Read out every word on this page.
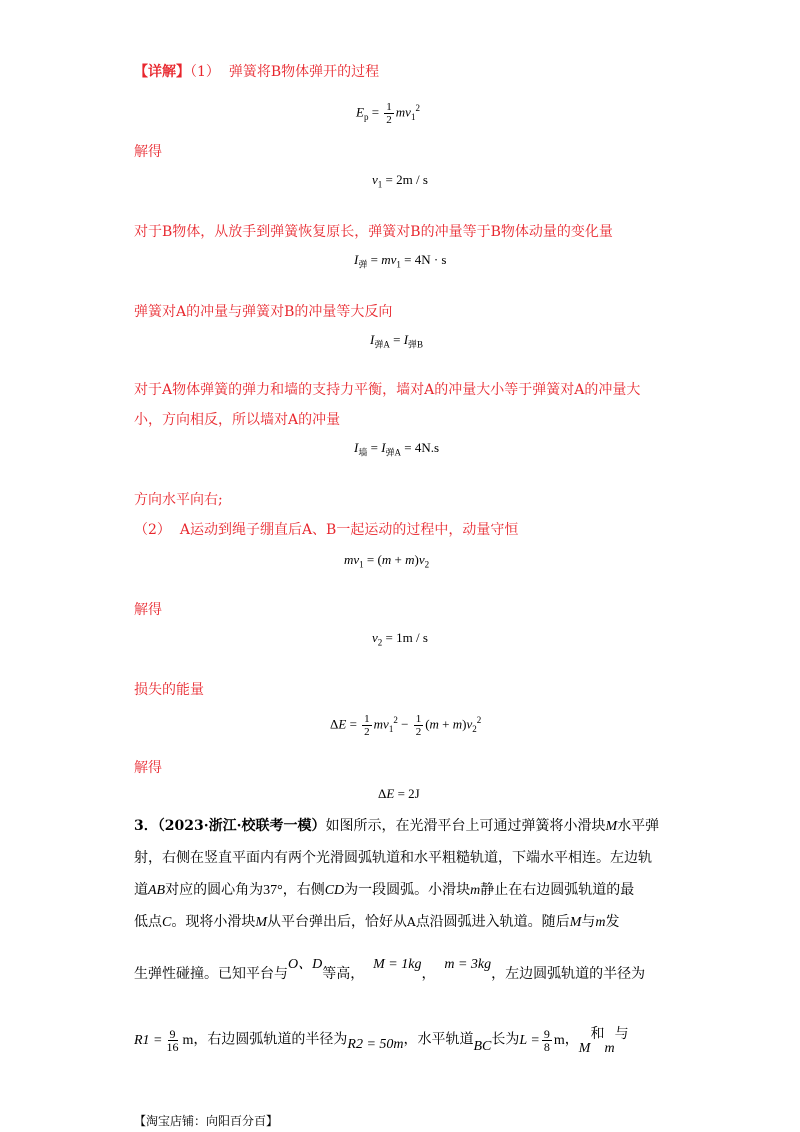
【详解】（1） 弹簧将B物体弹开的过程
$E_p = \frac{1}{2} mv_1^2$
解得
$v_1 = 2m / s$
对于B物体，从放手到弹簧恢复原长，弹簧对B的冲量等于B物体动量的变化量
$I_弹 = mv_1 = 4N \cdot s$
弹簧对A的冲量与弹簧对B的冲量等大反向
$I_{弹A} = I_{弹B}$
对于A物体弹簧的弹力和墙的支持力平衡，墙对A的冲量大小等于弹簧对A的冲量大
小，方向相反，所以墙对A的冲量
$I_墙 = I_{弹A} = 4N.s$
方向水平向右;
（2） A运动到绳子绷直后A、B一起运动的过程中，动量守恒
$mv_1 = (m + m)v_2$
解得
$v_2 = 1m / s$
损失的能量
$\Delta E = \frac{1}{2} mv_1^2 - \frac{1}{2} (m + m)v_2^2$
解得
ΔE = 2J
3．（2023·浙江·校联考一模）如图所示，在光滑平台上可通过弹簧将小滑块M水平弹
射，右侧在竖直平面内有两个光滑圆弧轨道和水平粗糙轨道，下端水平相连。左边轨
道AB对应的圆心角为37°，右侧CD为一段圆弧。小滑块m静止在右边圆弧轨道的最
低点C。现将小滑块M从平台弹出后，恰好从A点沿圆弧进入轨道。随后M与m发
生弹性碰撞。已知平台与O、D等高，  M = 1kg，  m = 3kg，左边圆弧轨道的半径为
$R1 = \frac{9}{16}$ m，右边圆弧轨道的半径为R2 = 50m，水平轨道BC长为$L = \frac{9}{8}$ m，M和m与
【淘宝店铺：向阳百分百】
